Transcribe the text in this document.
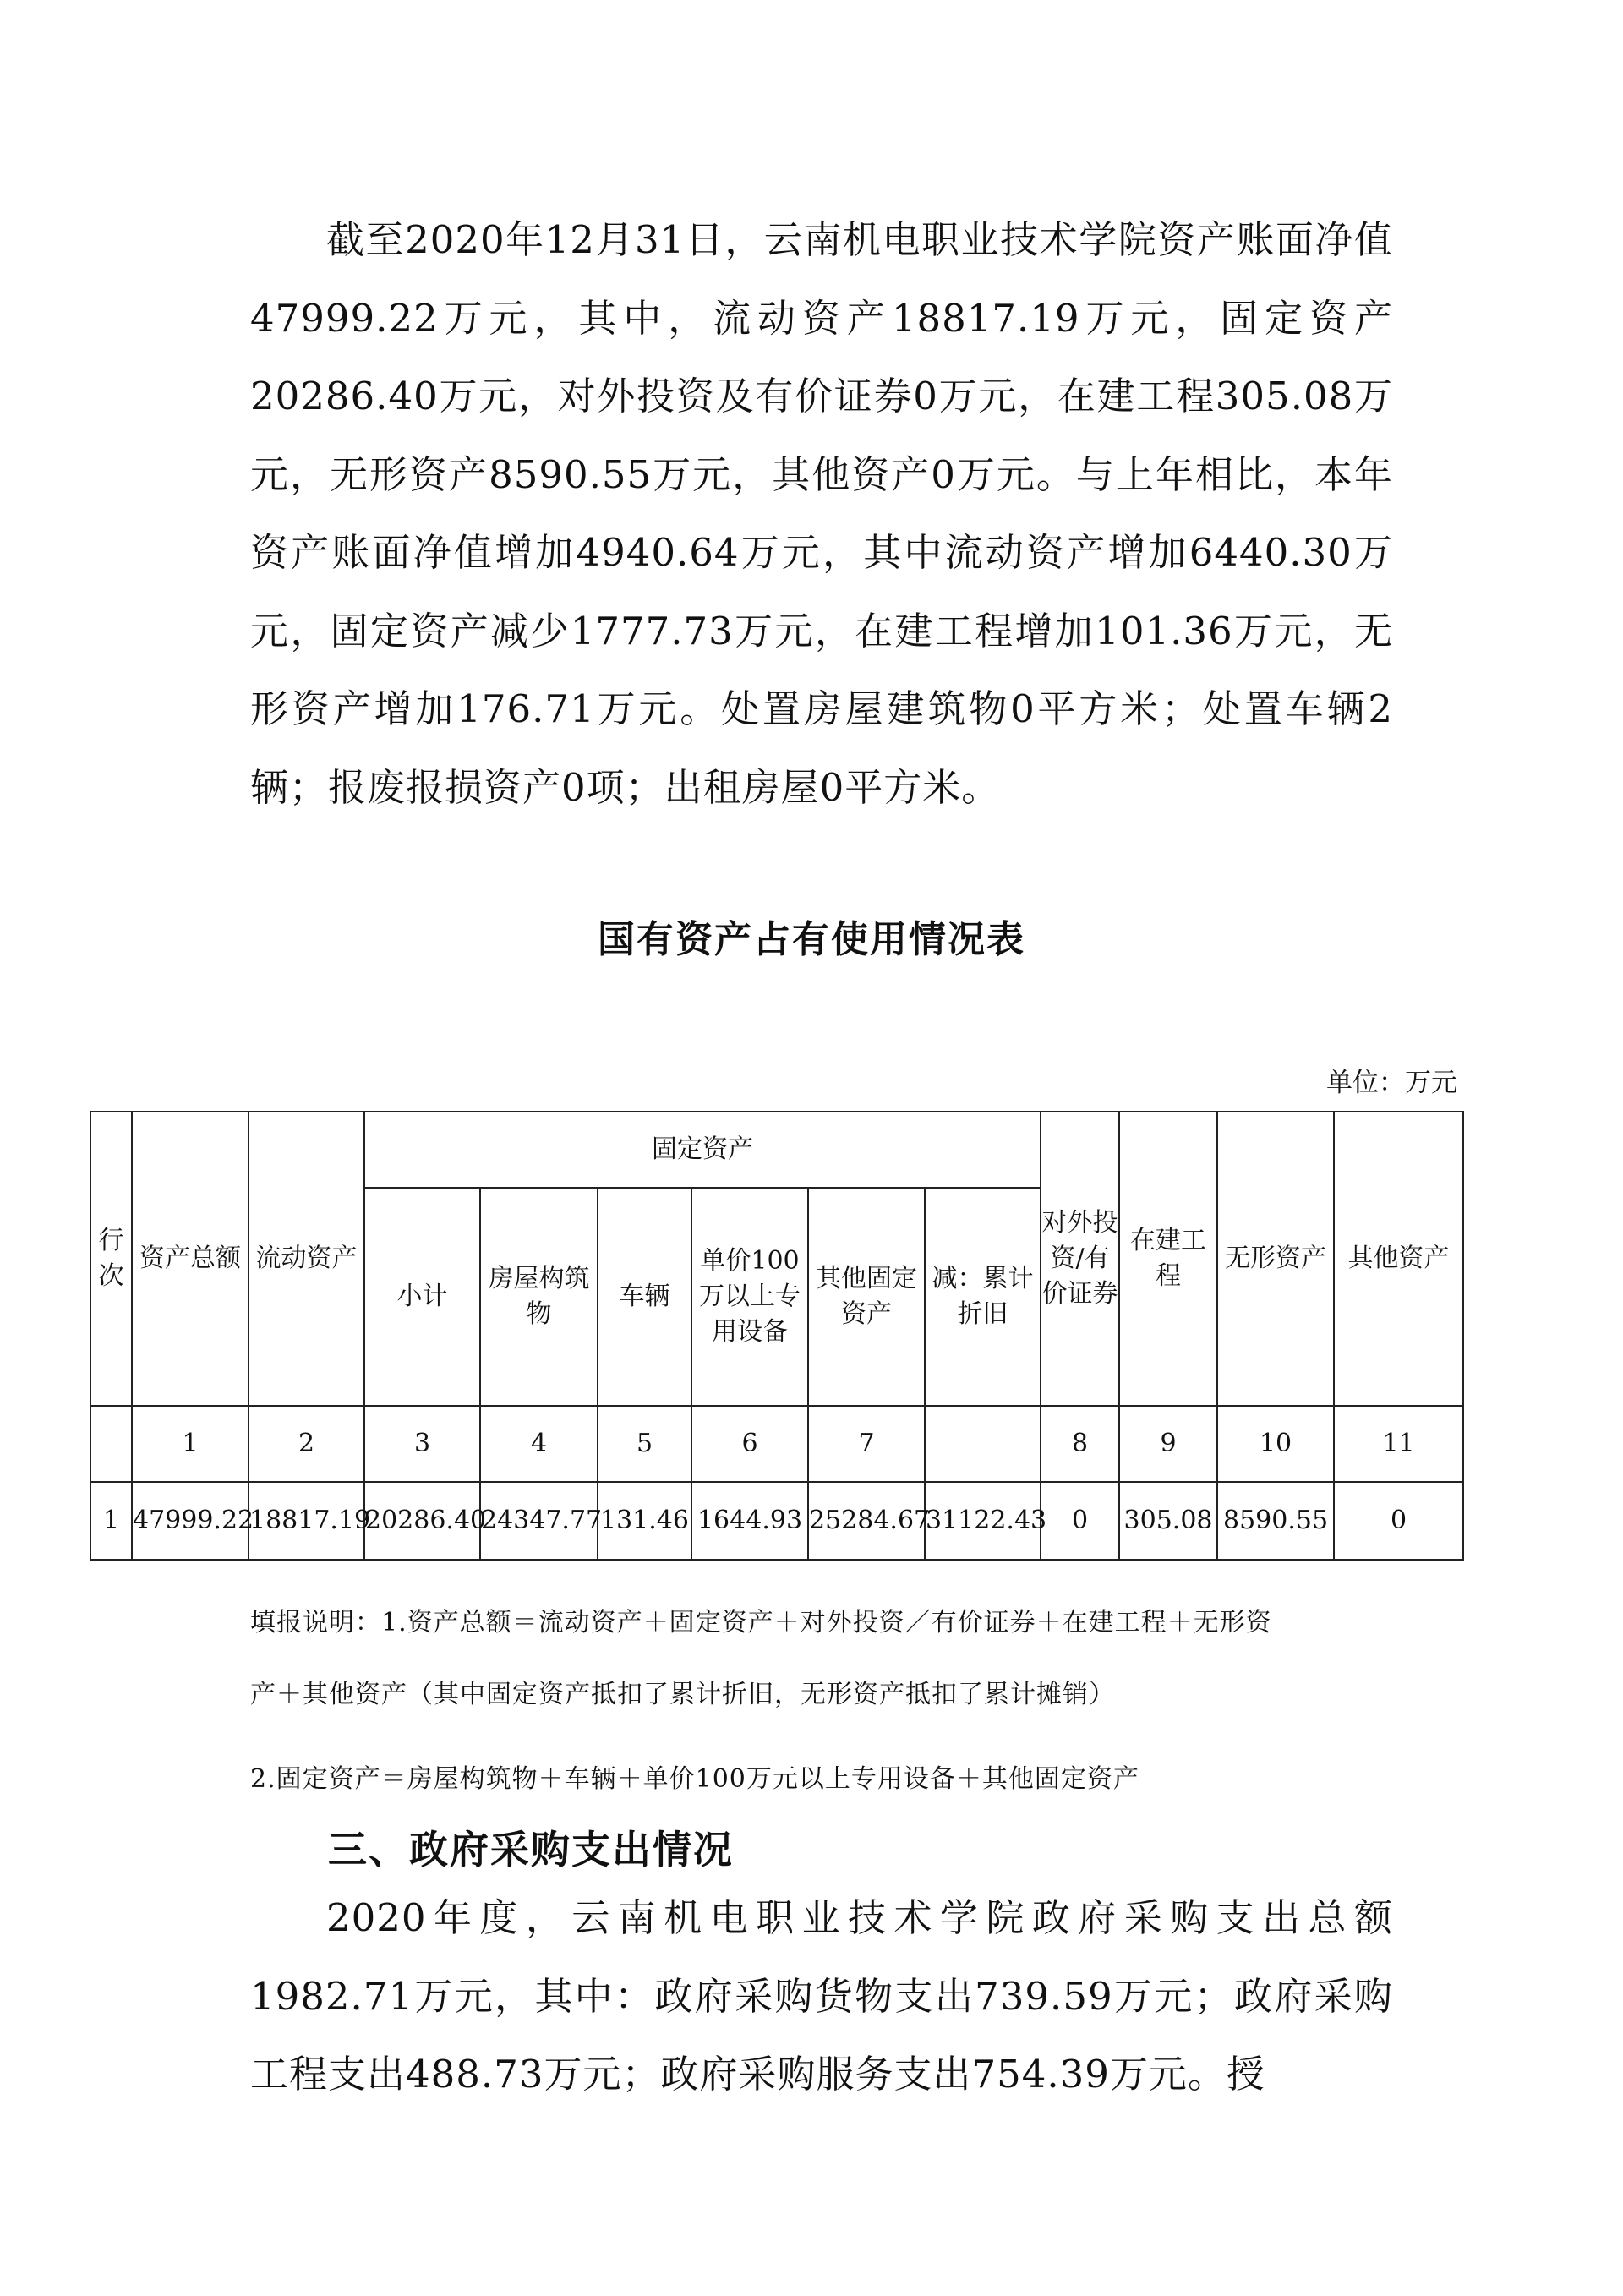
截至2020年12月31日，云南机电职业技术学院资产账面净值47999.22万元，其中，流动资产18817.19万元，固定资产20286.40万元，对外投资及有价证券0万元，在建工程305.08万元，无形资产8590.55万元，其他资产0万元。与上年相比，本年资产账面净值增加4940.64万元，其中流动资产增加6440.30万元，固定资产减少1777.73万元，在建工程增加101.36万元，无形资产增加176.71万元。处置房屋建筑物0平方米；处置车辆2辆；报废报损资产0项；出租房屋0平方米。

国有资产占有使用情况表

单位：万元

行次	资产总额	流动资产	固定资产						对外投资/有价证券	在建工程	无形资产	其他资产
			小计	房屋构筑物	车辆	单价100万以上专用设备	其他固定资产	减：累计折旧				
	1	2	3	4	5	6	7		8	9	10	11
1	47999.22	18817.19	20286.40	24347.77	131.46	1644.93	25284.67	31122.43	0	305.08	8590.55	0

填报说明：1.资产总额＝流动资产＋固定资产＋对外投资／有价证券＋在建工程＋无形资

产＋其他资产（其中固定资产抵扣了累计折旧，无形资产抵扣了累计摊销）

2.固定资产＝房屋构筑物＋车辆＋单价100万元以上专用设备＋其他固定资产

三、政府采购支出情况

2020年度，云南机电职业技术学院政府采购支出总额1982.71万元，其中：政府采购货物支出739.59万元；政府采购工程支出488.73万元；政府采购服务支出754.39万元。授
